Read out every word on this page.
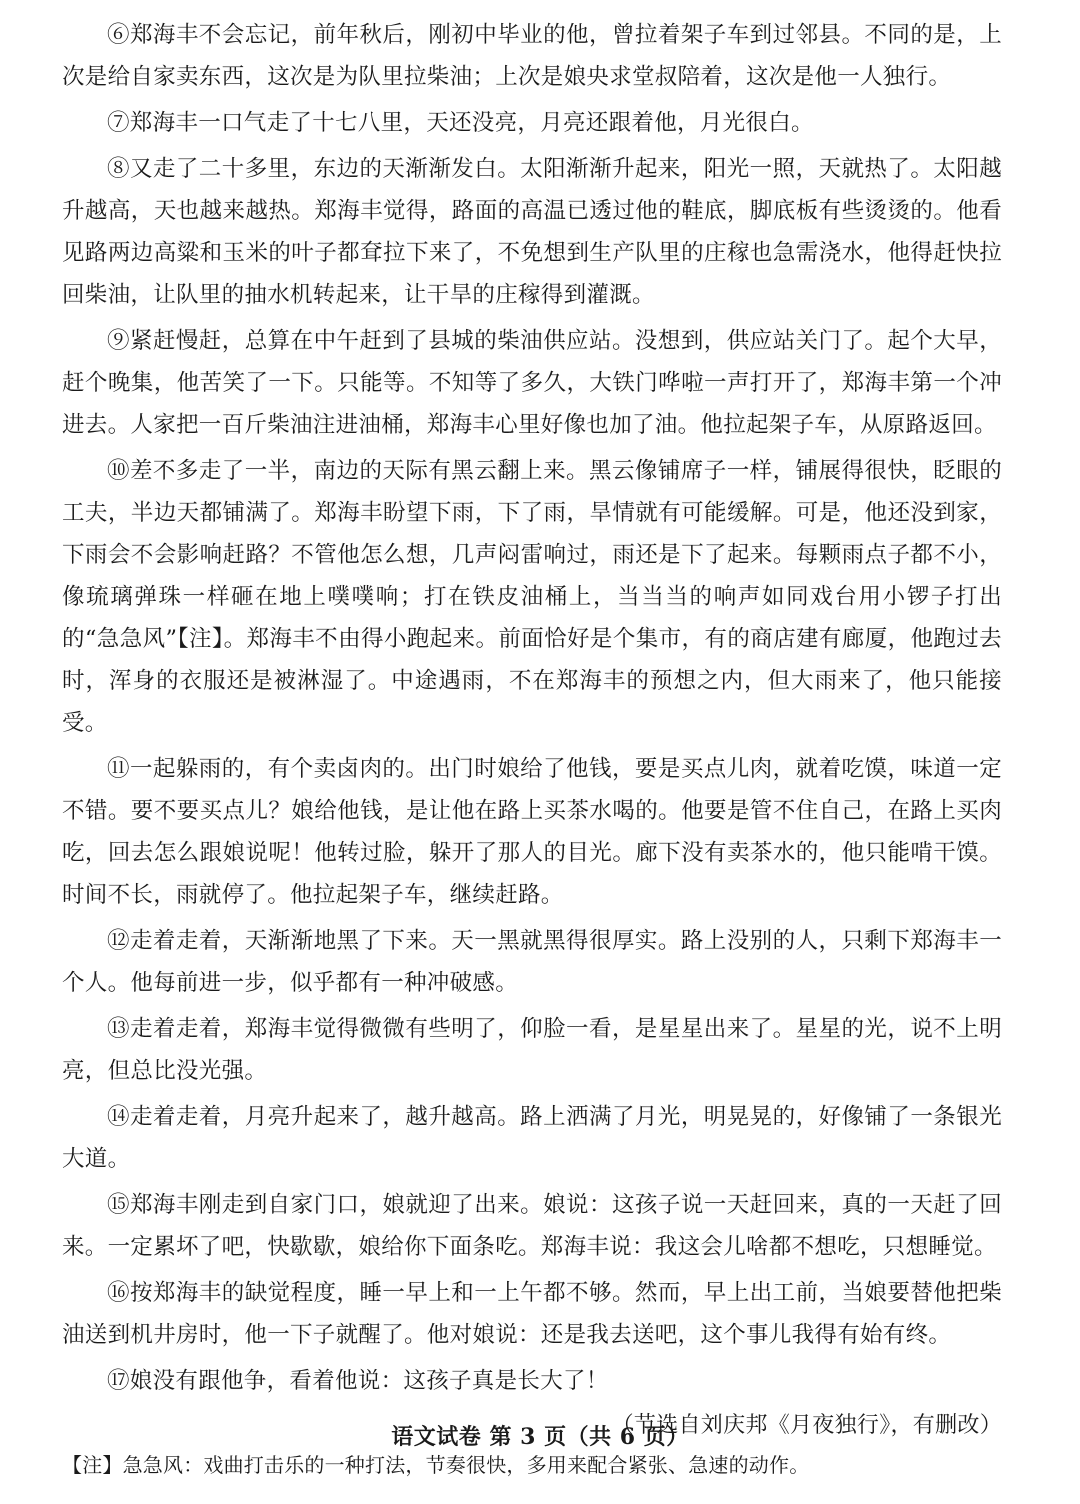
⑥郑海丰不会忘记，前年秋后，刚初中毕业的他，曾拉着架子车到过邻县。不同的是，上次是给自家卖东西，这次是为队里拉柴油；上次是娘央求堂叔陪着，这次是他一人独行。

⑦郑海丰一口气走了十七八里，天还没亮，月亮还跟着他，月光很白。

⑧又走了二十多里，东边的天渐渐发白。太阳渐渐升起来，阳光一照，天就热了。太阳越升越高，天也越来越热。郑海丰觉得，路面的高温已透过他的鞋底，脚底板有些烫烫的。他看见路两边高粱和玉米的叶子都耷拉下来了，不免想到生产队里的庄稼也急需浇水，他得赶快拉回柴油，让队里的抽水机转起来，让干旱的庄稼得到灌溉。

⑨紧赶慢赶，总算在中午赶到了县城的柴油供应站。没想到，供应站关门了。起个大早，赶个晚集，他苦笑了一下。只能等。不知等了多久，大铁门哗啦一声打开了，郑海丰第一个冲进去。人家把一百斤柴油注进油桶，郑海丰心里好像也加了油。他拉起架子车，从原路返回。

⑩差不多走了一半，南边的天际有黑云翻上来。黑云像铺席子一样，铺展得很快，眨眼的工夫，半边天都铺满了。郑海丰盼望下雨，下了雨，旱情就有可能缓解。可是，他还没到家，下雨会不会影响赶路？不管他怎么想，几声闷雷响过，雨还是下了起来。每颗雨点子都不小，像琉璃弹珠一样砸在地上噗噗响；打在铁皮油桶上，当当当的响声如同戏台用小锣子打出的“急急风”【注】。郑海丰不由得小跑起来。前面恰好是个集市，有的商店建有廊厦，他跑过去时，浑身的衣服还是被淋湿了。中途遇雨，不在郑海丰的预想之内，但大雨来了，他只能接受。

⑪一起躲雨的，有个卖卤肉的。出门时娘给了他钱，要是买点儿肉，就着吃馍，味道一定不错。要不要买点儿？娘给他钱，是让他在路上买茶水喝的。他要是管不住自己，在路上买肉吃，回去怎么跟娘说呢！他转过脸，躲开了那人的目光。廊下没有卖茶水的，他只能啃干馍。时间不长，雨就停了。他拉起架子车，继续赶路。

⑫走着走着，天渐渐地黑了下来。天一黑就黑得很厚实。路上没别的人，只剩下郑海丰一个人。他每前进一步，似乎都有一种冲破感。

⑬走着走着，郑海丰觉得微微有些明了，仰脸一看，是星星出来了。星星的光，说不上明亮，但总比没光强。

⑭走着走着，月亮升起来了，越升越高。路上洒满了月光，明晃晃的，好像铺了一条银光大道。

⑮郑海丰刚走到自家门口，娘就迎了出来。娘说：这孩子说一天赶回来，真的一天赶了回来。一定累坏了吧，快歇歇，娘给你下面条吃。郑海丰说：我这会儿啥都不想吃，只想睡觉。

⑯按郑海丰的缺觉程度，睡一早上和一上午都不够。然而，早上出工前，当娘要替他把柴油送到机井房时，他一下子就醒了。他对娘说：还是我去送吧，这个事儿我得有始有终。

⑰娘没有跟他争，看着他说：这孩子真是长大了！

（节选自刘庆邦《月夜独行》，有删改）

【注】急急风：戏曲打击乐的一种打法，节奏很快，多用来配合紧张、急速的动作。

语文试卷 第 3 页（共 6 页）
